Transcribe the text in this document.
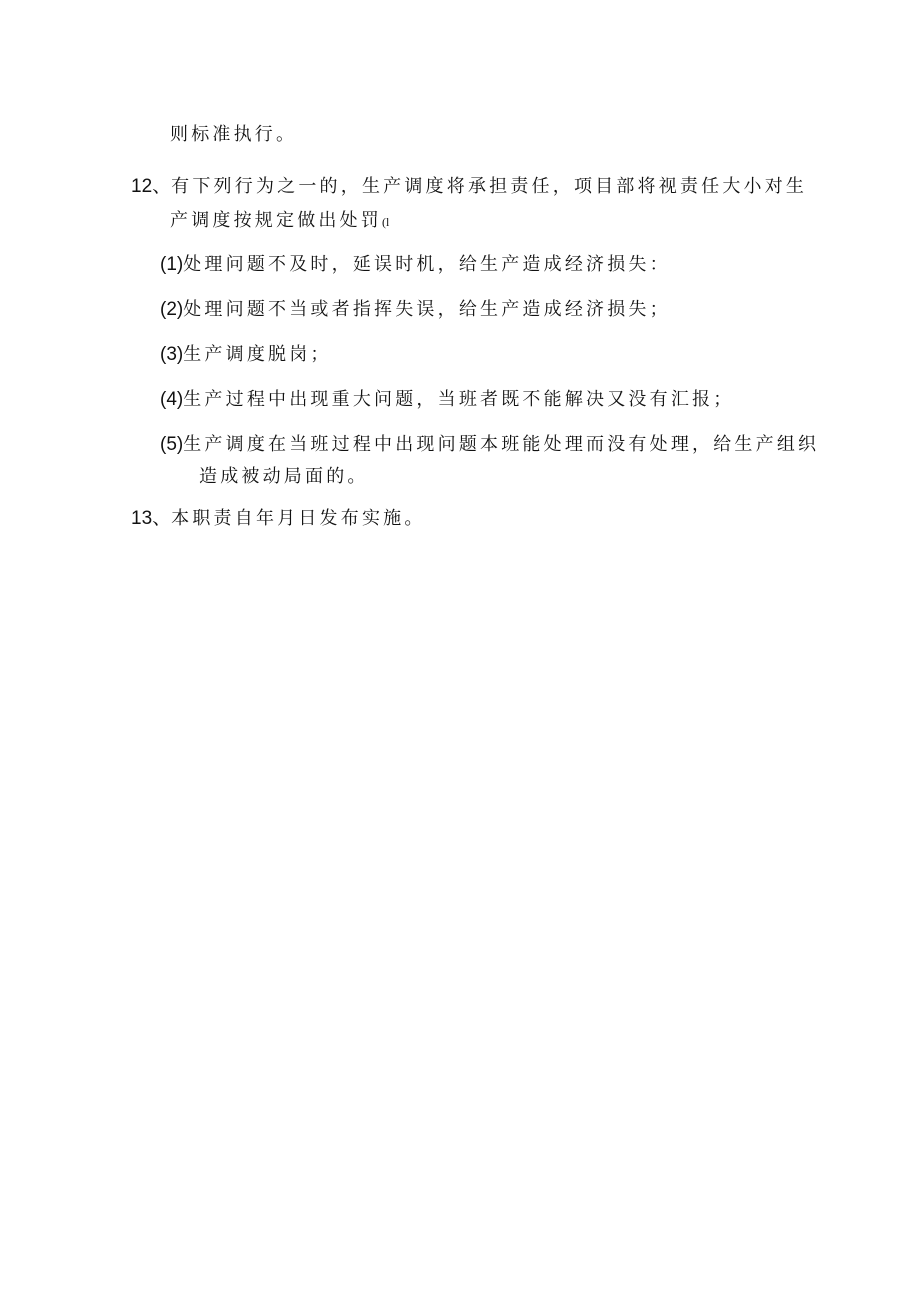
则标准执行。
12、有下列行为之一的，生产调度将承担责任，项目部将视责任大小对生
产调度按规定做出处罚(l
(1)处理问题不及时，延误时机，给生产造成经济损失：
(2)处理问题不当或者指挥失误，给生产造成经济损失；
(3)生产调度脱岗；
(4)生产过程中出现重大问题，当班者既不能解决又没有汇报；
(5)生产调度在当班过程中出现问题本班能处理而没有处理，给生产组织
造成被动局面的。
13、本职责自年月日发布实施。
